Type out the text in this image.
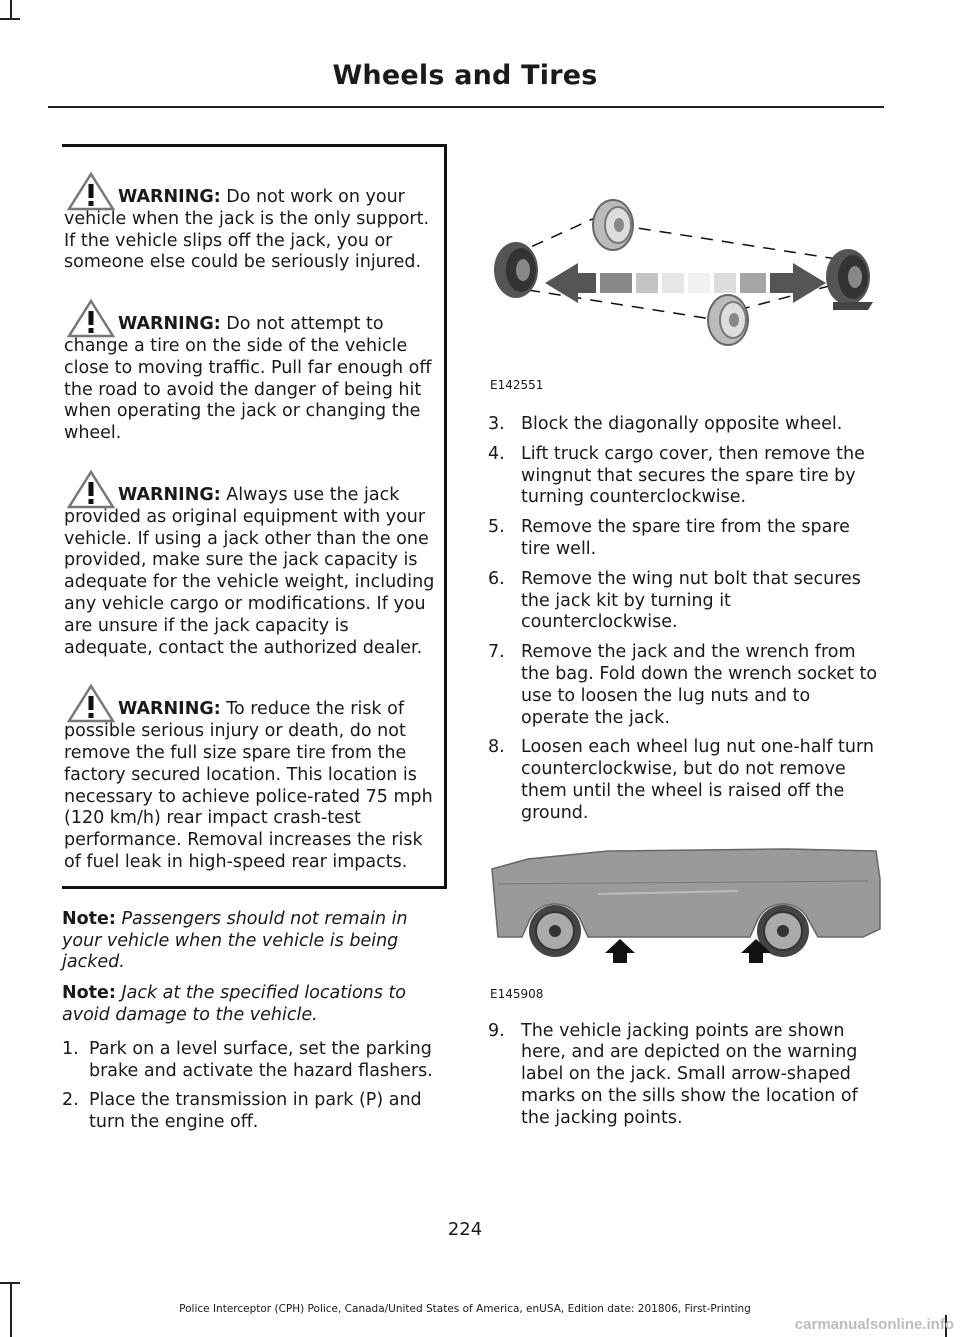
Wheels and Tires
WARNING: Do not work on your vehicle when the jack is the only support. If the vehicle slips off the jack, you or someone else could be seriously injured.
WARNING: Do not attempt to change a tire on the side of the vehicle close to moving traffic. Pull far enough off the road to avoid the danger of being hit when operating the jack or changing the wheel.
WARNING: Always use the jack provided as original equipment with your vehicle. If using a jack other than the one provided, make sure the jack capacity is adequate for the vehicle weight, including any vehicle cargo or modifications. If you are unsure if the jack capacity is adequate, contact the authorized dealer.
WARNING: To reduce the risk of possible serious injury or death, do not remove the full size spare tire from the factory secured location. This location is necessary to achieve police-rated 75 mph (120 km/h) rear impact crash-test performance. Removal increases the risk of fuel leak in high-speed rear impacts.
Note: Passengers should not remain in your vehicle when the vehicle is being jacked.
Note: Jack at the specified locations to avoid damage to the vehicle.
1. Park on a level surface, set the parking brake and activate the hazard flashers.
2. Place the transmission in park (P) and turn the engine off.
E142551
3. Block the diagonally opposite wheel.
4. Lift truck cargo cover, then remove the wingnut that secures the spare tire by turning counterclockwise.
5. Remove the spare tire from the spare tire well.
6. Remove the wing nut bolt that secures the jack kit by turning it counterclockwise.
7. Remove the jack and the wrench from the bag. Fold down the wrench socket to use to loosen the lug nuts and to operate the jack.
8. Loosen each wheel lug nut one-half turn counterclockwise, but do not remove them until the wheel is raised off the ground.
E145908
9. The vehicle jacking points are shown here, and are depicted on the warning label on the jack. Small arrow-shaped marks on the sills show the location of the jacking points.
224
Police Interceptor (CPH) Police, Canada/United States of America, enUSA, Edition date: 201806, First-Printing
carmanualsonline.info
